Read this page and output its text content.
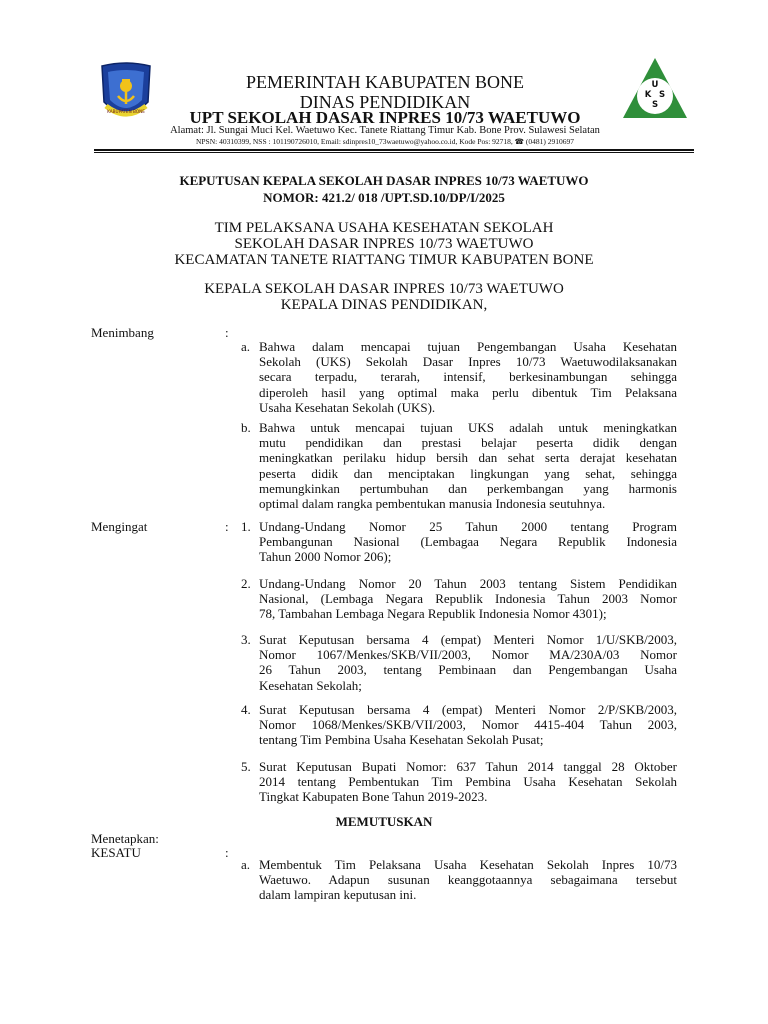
KABUPATEN BONE
U
K S
S
PEMERINTAH KABUPATEN BONE
DINAS PENDIDIKAN
UPT SEKOLAH DASAR INPRES 10/73 WAETUWO
Alamat: Jl. Sungai Muci Kel. Waetuwo Kec. Tanete Riattang Timur Kab. Bone Prov. Sulawesi Selatan
NPSN: 40310399, NSS : 101190726010, Email: sdinpres10_73waetuwo@yahoo.co.id, Kode Pos: 92718, ☎ (0481) 2910697
KEPUTUSAN KEPALA SEKOLAH DASAR INPRES 10/73 WAETUWO
NOMOR: 421.2/ 018 /UPT.SD.10/DP/I/2025
TIM PELAKSANA USAHA KESEHATAN SEKOLAH
SEKOLAH DASAR INPRES 10/73 WAETUWO
KECAMATAN TANETE RIATTANG TIMUR KABUPATEN BONE
KEPALA SEKOLAH DASAR INPRES 10/73 WAETUWO
KEPALA DINAS PENDIDIKAN,
Menimbang	:
a. Bahwa dalam mencapai tujuan Pengembangan Usaha Kesehatan
Sekolah (UKS) Sekolah Dasar Inpres 10/73 Waetuwodilaksanakan
secara terpadu, terarah, intensif, berkesinambungan sehingga
diperoleh hasil yang optimal maka perlu dibentuk Tim Pelaksana
Usaha Kesehatan Sekolah (UKS).
b. Bahwa untuk mencapai tujuan UKS adalah untuk meningkatkan
mutu pendidikan dan prestasi belajar peserta didik dengan
meningkatkan perilaku hidup bersih dan sehat serta derajat kesehatan
peserta didik dan menciptakan lingkungan yang sehat, sehingga
memungkinkan pertumbuhan dan perkembangan yang harmonis
optimal dalam rangka pembentukan manusia Indonesia seutuhnya.
Mengingat	: 1. Undang-Undang Nomor 25 Tahun 2000 tentang Program
Pembangunan Nasional (Lembagaa Negara Republik Indonesia
Tahun 2000 Nomor 206);
2. Undang-Undang Nomor 20 Tahun 2003 tentang Sistem Pendidikan
Nasional, (Lembaga Negara Republik Indonesia Tahun 2003 Nomor
78, Tambahan Lembaga Negara Republik Indonesia Nomor 4301);
3. Surat Keputusan bersama 4 (empat) Menteri Nomor 1/U/SKB/2003,
Nomor 1067/Menkes/SKB/VII/2003, Nomor MA/230A/03 Nomor
26 Tahun 2003, tentang Pembinaan dan Pengembangan Usaha
Kesehatan Sekolah;
4. Surat Keputusan bersama 4 (empat) Menteri Nomor 2/P/SKB/2003,
Nomor 1068/Menkes/SKB/VII/2003, Nomor 4415-404 Tahun 2003,
tentang Tim Pembina Usaha Kesehatan Sekolah Pusat;
5. Surat Keputusan Bupati Nomor: 637 Tahun 2014 tanggal 28 Oktober
2014 tentang Pembentukan Tim Pembina Usaha Kesehatan Sekolah
Tingkat Kabupaten Bone Tahun 2019-2023.
MEMUTUSKAN
Menetapkan:
KESATU	:
a. Membentuk Tim Pelaksana Usaha Kesehatan Sekolah Inpres 10/73
Waetuwo. Adapun susunan keanggotaannya sebagaimana tersebut
dalam lampiran keputusan ini.
